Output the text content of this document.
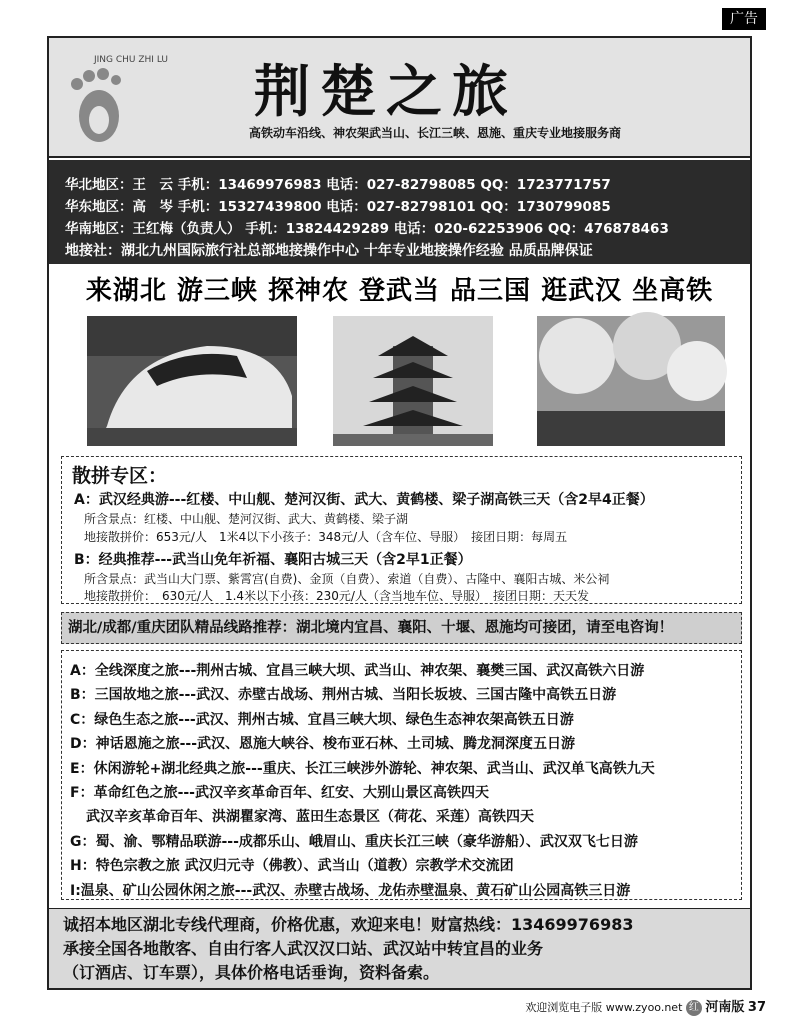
广告
JING CHU ZHI LU 荆楚之旅
高铁动车沿线、神农架武当山、长江三峡、恩施、重庆专业地接服务商
华北地区：王　云 手机：13469976983 电话：027-82798085 QQ：1723771757
华东地区：高　岑 手机：15327439800 电话：027-82798101 QQ：1730799085
华南地区：王红梅（负责人） 手机：13824429289 电话：020-62253906 QQ：476878463
地接社：湖北九州国际旅行社总部地接操作中心 十年专业地接操作经验 品质品牌保证
来湖北 游三峡 探神农 登武当 品三国 逛武汉 坐高铁
散拼专区：
A：武汉经典游---红楼、中山舰、楚河汉街、武大、黄鹤楼、梁子湖高铁三天（含2早4正餐）
所含景点：红楼、中山舰、楚河汉街、武大、黄鹤楼、梁子湖
地接散拼价：653元/人　1米4以下小孩子：348元/人（含车位、导服）　接团日期：每周五
B：经典推荐---武当山免年祈福、襄阳古城三天（含2早1正餐）
所含景点：武当山大门票、紫霄宫(自费)、金顶（自费）、索道（自费）、古隆中、襄阳古城、米公祠
地接散拼价：　630元/人　1.4米以下小孩：230元/人（含当地车位、导服）　接团日期：天天发
湖北/成都/重庆团队精品线路推荐：湖北境内宜昌、襄阳、十堰、恩施均可接团，请至电咨询！
A：全线深度之旅---荆州古城、宜昌三峡大坝、武当山、神农架、襄樊三国、武汉高铁六日游
B：三国故地之旅---武汉、赤壁古战场、荆州古城、当阳长坂坡、三国古隆中高铁五日游
C：绿色生态之旅---武汉、荆州古城、宜昌三峡大坝、绿色生态神农架高铁五日游
D：神话恩施之旅---武汉、恩施大峡谷、梭布亚石林、土司城、腾龙洞深度五日游
E：休闲游轮+湖北经典之旅---重庆、长江三峡涉外游轮、神农架、武当山、武汉单飞高铁九天
F：革命红色之旅---武汉辛亥革命百年、红安、大别山景区高铁四天
武汉辛亥革命百年、洪湖瞿家湾、蓝田生态景区（荷花、采莲）高铁四天
G：蜀、渝、鄂精品联游---成都乐山、峨眉山、重庆长江三峡（豪华游船）、武汉双飞七日游
H：特色宗教之旅 武汉归元寺（佛教）、武当山（道教）宗教学术交流团
I:温泉、矿山公园休闲之旅---武汉、赤壁古战场、龙佑赤壁温泉、黄石矿山公园高铁三日游
诚招本地区湖北专线代理商，价格优惠，欢迎来电！财富热线：13469976983
承接全国各地散客、自由行客人武汉汉口站、武汉站中转宜昌的业务
（订酒店、订车票），具体价格电话垂询，资料备索。
欢迎浏览电子版 www.zyoo.net 红 河南版 37
